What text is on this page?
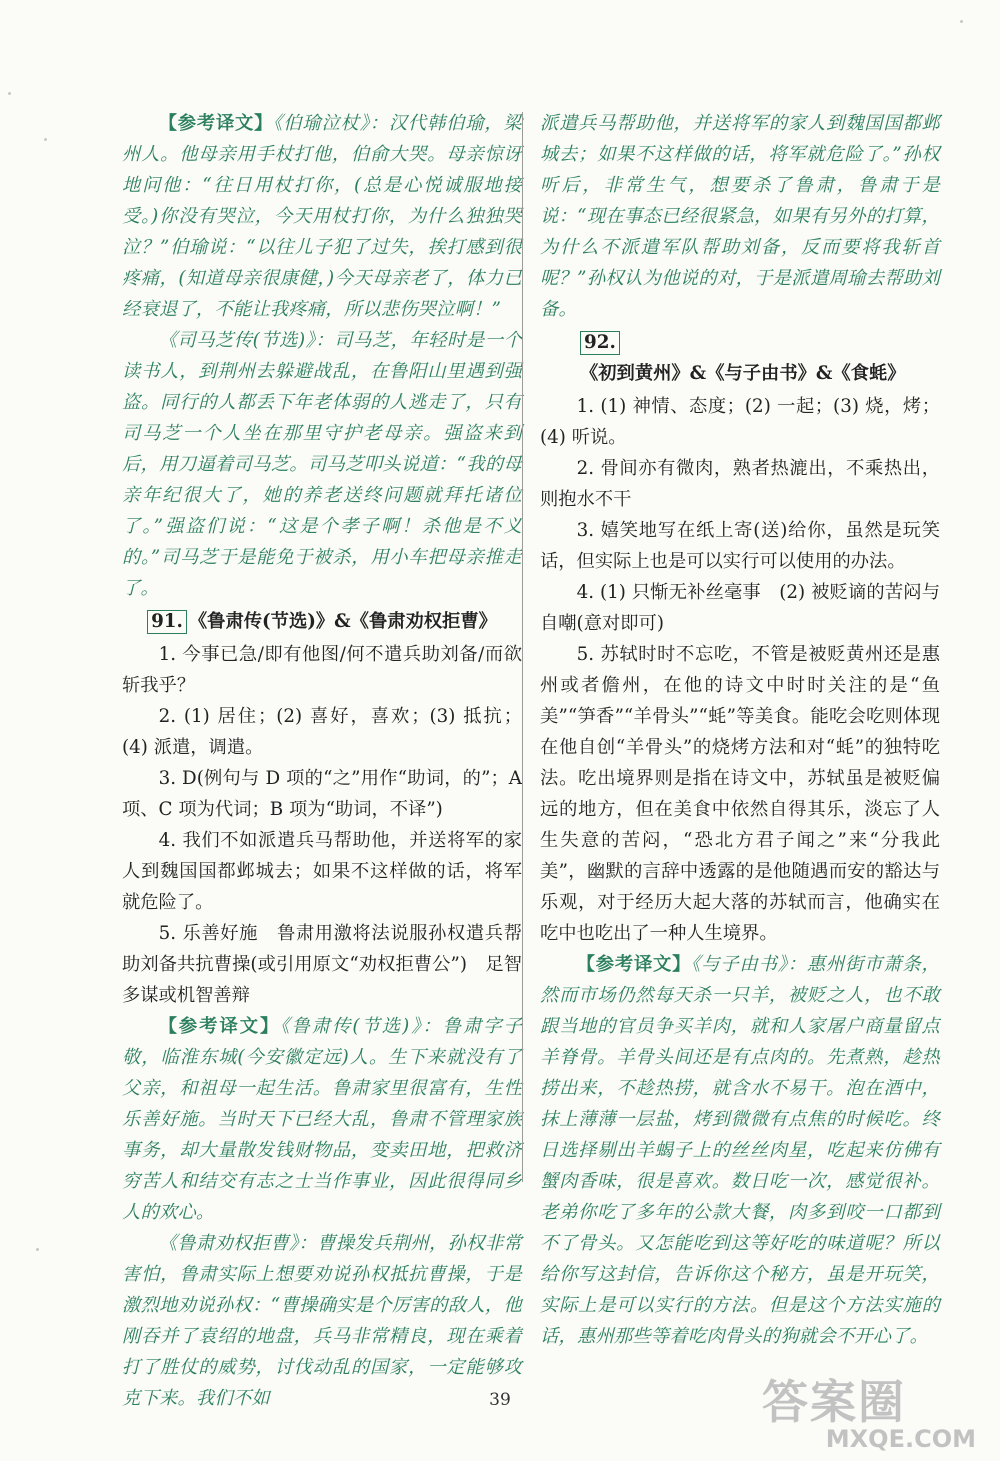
【参考译文】《伯瑜泣杖》：汉代韩伯瑜，梁州人。他母亲用手杖打他，伯俞大哭。母亲惊讶地问他：“往日用杖打你，(总是心悦诚服地接受。)你没有哭泣，今天用杖打你，为什么独独哭泣？”伯瑜说：“以往儿子犯了过失，挨打感到很疼痛，(知道母亲很康健，)今天母亲老了，体力已经衰退了，不能让我疼痛，所以悲伤哭泣啊！”

《司马芝传(节选)》：司马芝，年轻时是一个读书人，到荆州去躲避战乱，在鲁阳山里遇到强盗。同行的人都丢下年老体弱的人逃走了，只有司马芝一个人坐在那里守护老母亲。强盗来到后，用刀逼着司马芝。司马芝叩头说道：“我的母亲年纪很大了，她的养老送终问题就拜托诸位了。”强盗们说：“这是个孝子啊！杀他是不义的。”司马芝于是能免于被杀，用小车把母亲推走了。

91. 《鲁肃传(节选)》&《鲁肃劝权拒曹》

1. 今事已急/即有他图/何不遣兵助刘备/而欲斩我乎？

2. (1) 居住；(2) 喜好，喜欢；(3) 抵抗；(4) 派遣，调遣。

3. D(例句与 D 项的“之”用作“助词，的”；A 项、C 项为代词；B 项为“助词，不译”)

4. 我们不如派遣兵马帮助他，并送将军的家人到魏国国都邺城去；如果不这样做的话，将军就危险了。

5. 乐善好施　鲁肃用激将法说服孙权遣兵帮助刘备共抗曹操(或引用原文“劝权拒曹公”)　足智多谋或机智善辩

【参考译文】《鲁肃传(节选)》：鲁肃字子敬，临淮东城(今安徽定远)人。生下来就没有了父亲，和祖母一起生活。鲁肃家里很富有，生性乐善好施。当时天下已经大乱，鲁肃不管理家族事务，却大量散发钱财物品，变卖田地，把救济穷苦人和结交有志之士当作事业，因此很得同乡人的欢心。

《鲁肃劝权拒曹》：曹操发兵荆州，孙权非常害怕，鲁肃实际上想要劝说孙权抵抗曹操，于是激烈地劝说孙权：“曹操确实是个厉害的敌人，他刚吞并了袁绍的地盘，兵马非常精良，现在乘着打了胜仗的威势，讨伐动乱的国家，一定能够攻克下来。我们不如

派遣兵马帮助他，并送将军的家人到魏国国都邺城去；如果不这样做的话，将军就危险了。”孙权听后，非常生气，想要杀了鲁肃，鲁肃于是说：“现在事态已经很紧急，如果有另外的打算，为什么不派遣军队帮助刘备，反而要将我斩首呢？”孙权认为他说的对，于是派遣周瑜去帮助刘备。

92.《初到黄州》&《与子由书》&《食蚝》

1. (1) 神情、态度；(2) 一起；(3) 烧，烤；(4) 听说。

2. 骨间亦有微肉，熟者热漉出，不乘热出，则抱水不干

3. 嬉笑地写在纸上寄(送)给你，虽然是玩笑话，但实际上也是可以实行可以使用的办法。

4. (1) 只惭无补丝毫事　(2) 被贬谪的苦闷与自嘲(意对即可)

5. 苏轼时时不忘吃，不管是被贬黄州还是惠州或者儋州，在他的诗文中时时关注的是“鱼美”“笋香”“羊骨头”“蚝”等美食。能吃会吃则体现在他自创“羊骨头”的烧烤方法和对“蚝”的独特吃法。吃出境界则是指在诗文中，苏轼虽是被贬偏远的地方，但在美食中依然自得其乐，淡忘了人生失意的苦闷，“恐北方君子闻之”来“分我此美”，幽默的言辞中透露的是他随遇而安的豁达与乐观，对于经历大起大落的苏轼而言，他确实在吃中也吃出了一种人生境界。

【参考译文】《与子由书》：惠州街市萧条，然而市场仍然每天杀一只羊，被贬之人，也不敢跟当地的官员争买羊肉，就和人家屠户商量留点羊脊骨。羊骨头间还是有点肉的。先煮熟，趁热捞出来，不趁热捞，就含水不易干。泡在酒中，抹上薄薄一层盐，烤到微微有点焦的时候吃。终日选择剔出羊蝎子上的丝丝肉星，吃起来仿佛有蟹肉香味，很是喜欢。数日吃一次，感觉很补。老弟你吃了多年的公款大餐，肉多到咬一口都到不了骨头。又怎能吃到这等好吃的味道呢？所以给你写这封信，告诉你这个秘方，虽是开玩笑，实际上是可以实行的方法。但是这个方法实施的话，惠州那些等着吃肉骨头的狗就会不开心了。

39	答案圈
MXQE.COM
